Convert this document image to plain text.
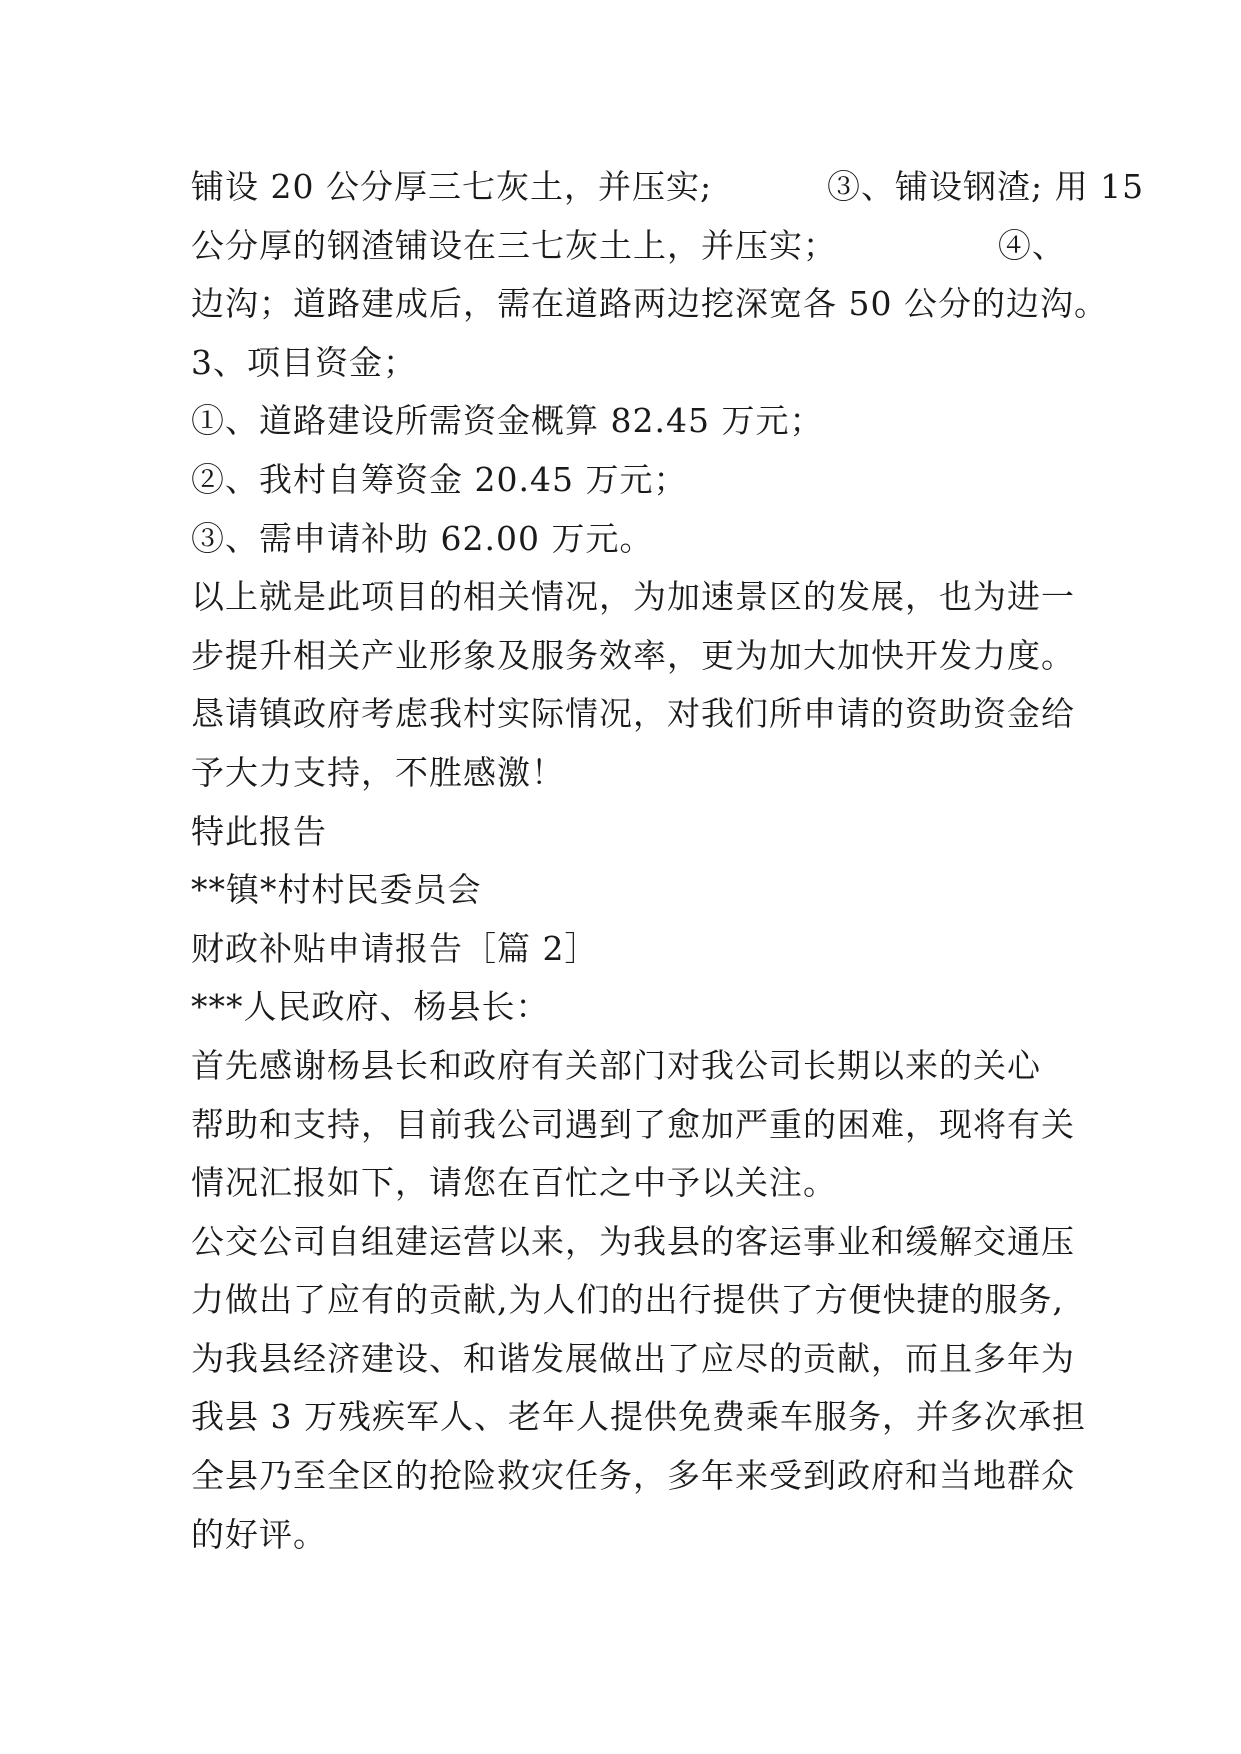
铺设 20 公分厚三七灰土，并压实;          ③、铺设钢渣; 用 15
公分厚的钢渣铺设在三七灰土上，并压实；              ④、
边沟；道路建成后，需在道路两边挖深宽各 50 公分的边沟。
3、项目资金；
①、道路建设所需资金概算 82.45 万元；
②、我村自筹资金 20.45 万元；
③、需申请补助 62.00 万元。
以上就是此项目的相关情况，为加速景区的发展，也为进一
步提升相关产业形象及服务效率，更为加大加快开发力度。
恳请镇政府考虑我村实际情况，对我们所申请的资助资金给
予大力支持，不胜感激！
特此报告
**镇*村村民委员会
财政补贴申请报告［篇 2］
***人民政府、杨县长：
首先感谢杨县长和政府有关部门对我公司长期以来的关心
帮助和支持，目前我公司遇到了愈加严重的困难，现将有关
情况汇报如下，请您在百忙之中予以关注。
公交公司自组建运营以来，为我县的客运事业和缓解交通压
力做出了应有的贡献,为人们的出行提供了方便快捷的服务,
为我县经济建设、和谐发展做出了应尽的贡献，而且多年为
我县 3 万残疾军人、老年人提供免费乘车服务，并多次承担
全县乃至全区的抢险救灾任务，多年来受到政府和当地群众
的好评。
